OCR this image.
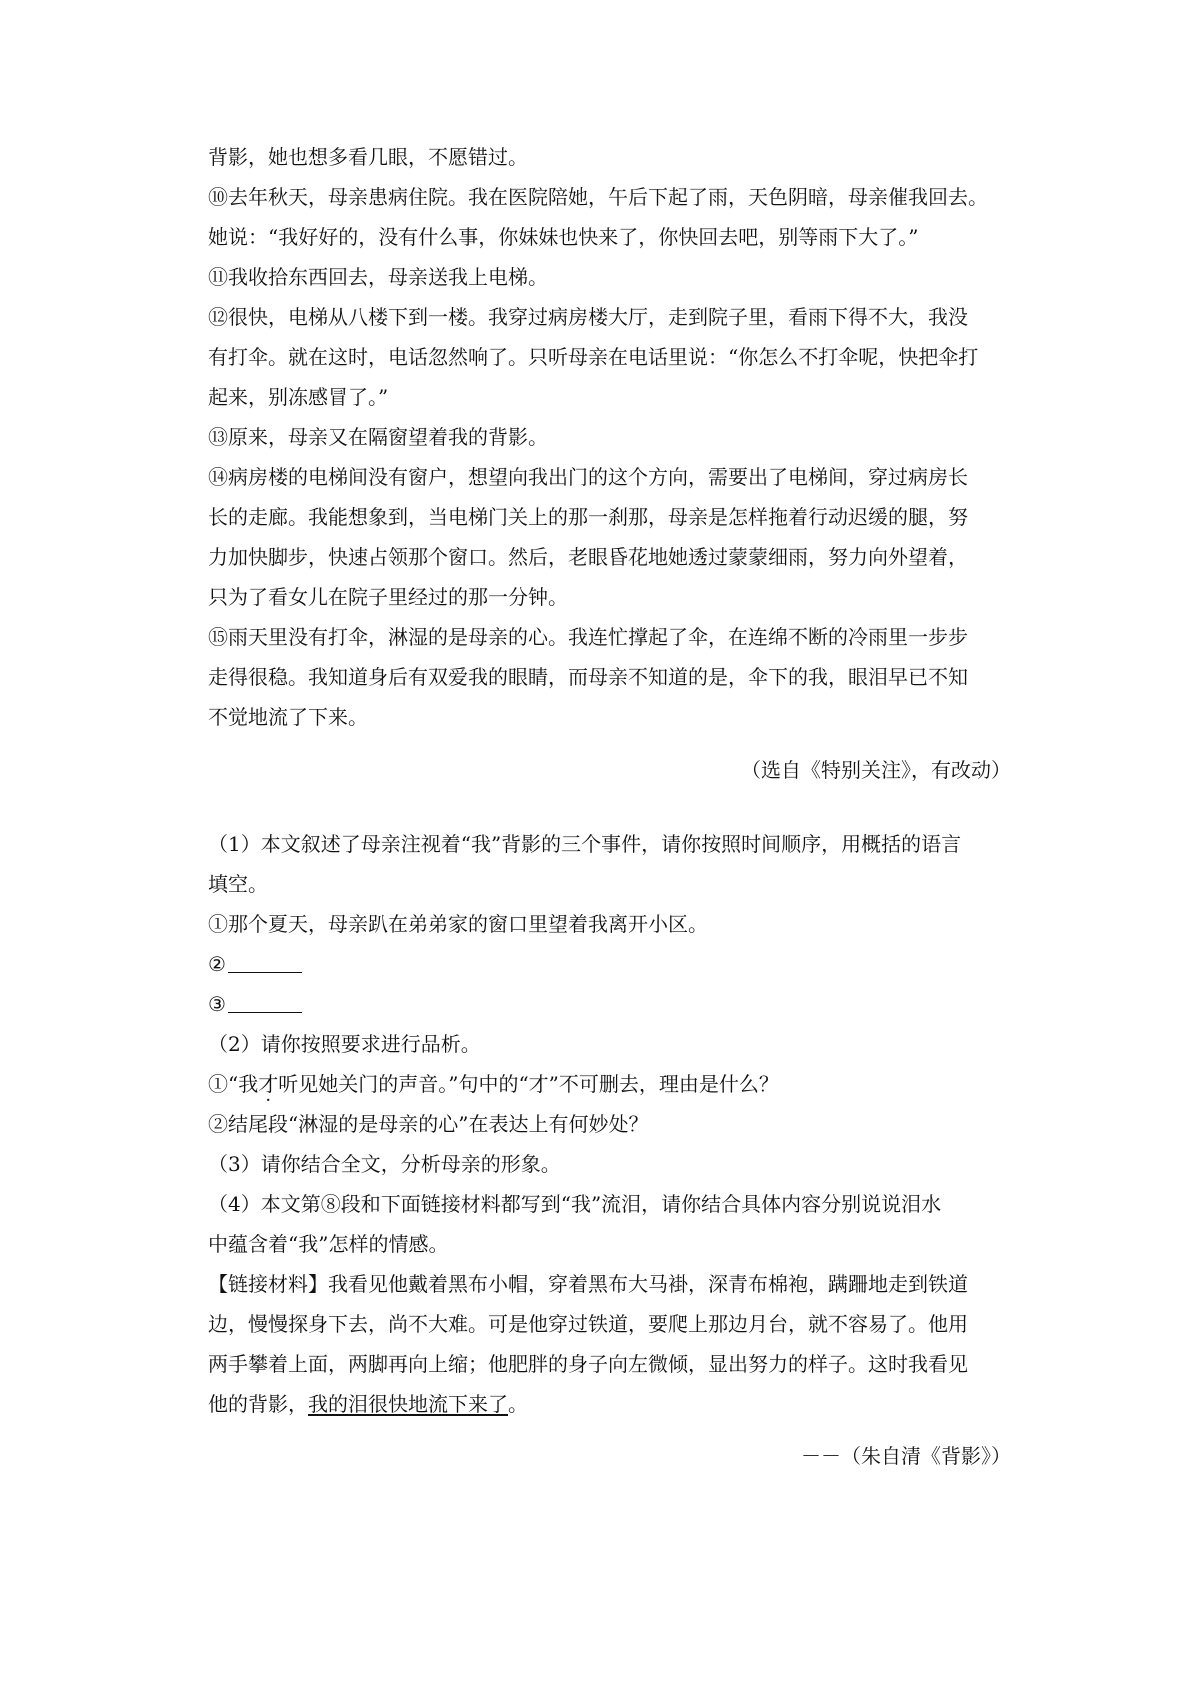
背影，她也想多看几眼，不愿错过。
⑩去年秋天，母亲患病住院。我在医院陪她，午后下起了雨，天色阴暗，母亲催我回去。
她说：“我好好的，没有什么事，你妹妹也快来了，你快回去吧，别等雨下大了。”
⑪我收拾东西回去，母亲送我上电梯。
⑫很快，电梯从八楼下到一楼。我穿过病房楼大厅，走到院子里，看雨下得不大，我没
有打伞。就在这时，电话忽然响了。只听母亲在电话里说：“你怎么不打伞呢，快把伞打
起来，别冻感冒了。”
⑬原来，母亲又在隔窗望着我的背影。
⑭病房楼的电梯间没有窗户，想望向我出门的这个方向，需要出了电梯间，穿过病房长
长的走廊。我能想象到，当电梯门关上的那一刹那，母亲是怎样拖着行动迟缓的腿，努
力加快脚步，快速占领那个窗口。然后，老眼昏花地她透过蒙蒙细雨，努力向外望着，
只为了看女儿在院子里经过的那一分钟。
⑮雨天里没有打伞，淋湿的是母亲的心。我连忙撑起了伞，在连绵不断的冷雨里一步步
走得很稳。我知道身后有双爱我的眼睛，而母亲不知道的是，伞下的我，眼泪早已不知
不觉地流了下来。
（选自《特别关注》，有改动）
（1）本文叙述了母亲注视着“我”背影的三个事件，请你按照时间顺序，用概括的语言
填空。
①那个夏天，母亲趴在弟弟家的窗口里望着我离开小区。
②
③
（2）请你按照要求进行品析。
①“我才听见她关门的声音。”句中的“才”不可删去，理由是什么？
②结尾段“淋湿的是母亲的心”在表达上有何妙处？
（3）请你结合全文，分析母亲的形象。
（4）本文第⑧段和下面链接材料都写到“我”流泪，请你结合具体内容分别说说泪水
中蕴含着“我”怎样的情感。
【链接材料】我看见他戴着黑布小帽，穿着黑布大马褂，深青布棉袍，蹒跚地走到铁道
边，慢慢探身下去，尚不大难。可是他穿过铁道，要爬上那边月台，就不容易了。他用
两手攀着上面，两脚再向上缩；他肥胖的身子向左微倾，显出努力的样子。这时我看见
他的背影，我的泪很快地流下来了。
－－（朱自清《背影》）
